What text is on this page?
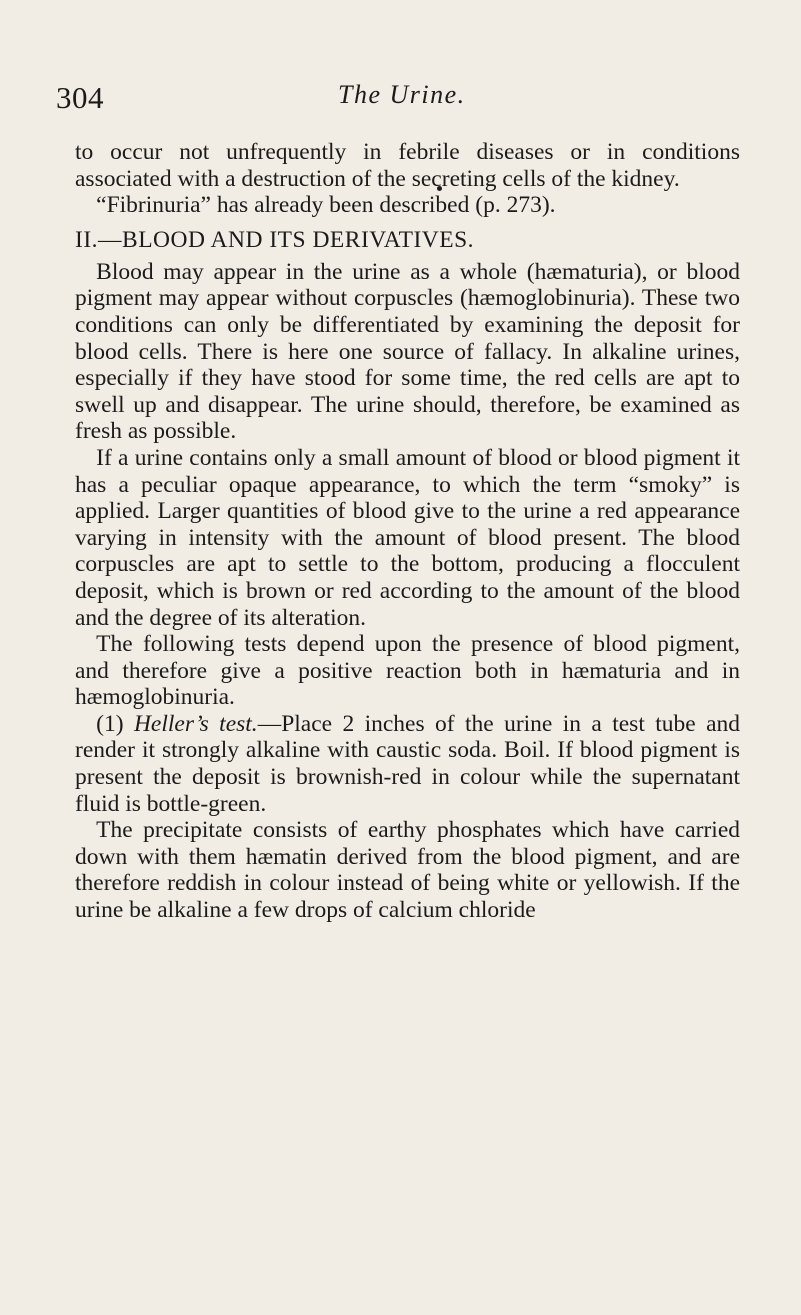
304	The Urine.

to occur not unfrequently in febrile diseases or in conditions associated with a destruction of the secreting cells of the kidney.

“Fibrinuria” has already been described (p. 273).

II.—BLOOD AND ITS DERIVATIVES.

Blood may appear in the urine as a whole (hæmaturia), or blood pigment may appear without corpuscles (hæmoglobinuria). These two conditions can only be differentiated by examining the deposit for blood cells. There is here one source of fallacy. In alkaline urines, especially if they have stood for some time, the red cells are apt to swell up and disappear. The urine should, therefore, be examined as fresh as possible.

If a urine contains only a small amount of blood or blood pigment it has a peculiar opaque appearance, to which the term “smoky” is applied. Larger quantities of blood give to the urine a red appearance varying in intensity with the amount of blood present. The blood corpuscles are apt to settle to the bottom, producing a flocculent deposit, which is brown or red according to the amount of the blood and the degree of its alteration.

The following tests depend upon the presence of blood pigment, and therefore give a positive reaction both in hæmaturia and in hæmoglobinuria.

(1) Heller’s test.—Place 2 inches of the urine in a test tube and render it strongly alkaline with caustic soda. Boil. If blood pigment is present the deposit is brownish-red in colour while the supernatant fluid is bottle-green.

The precipitate consists of earthy phosphates which have carried down with them hæmatin derived from the blood pigment, and are therefore reddish in colour instead of being white or yellowish. If the urine be alkaline a few drops of calcium chloride
